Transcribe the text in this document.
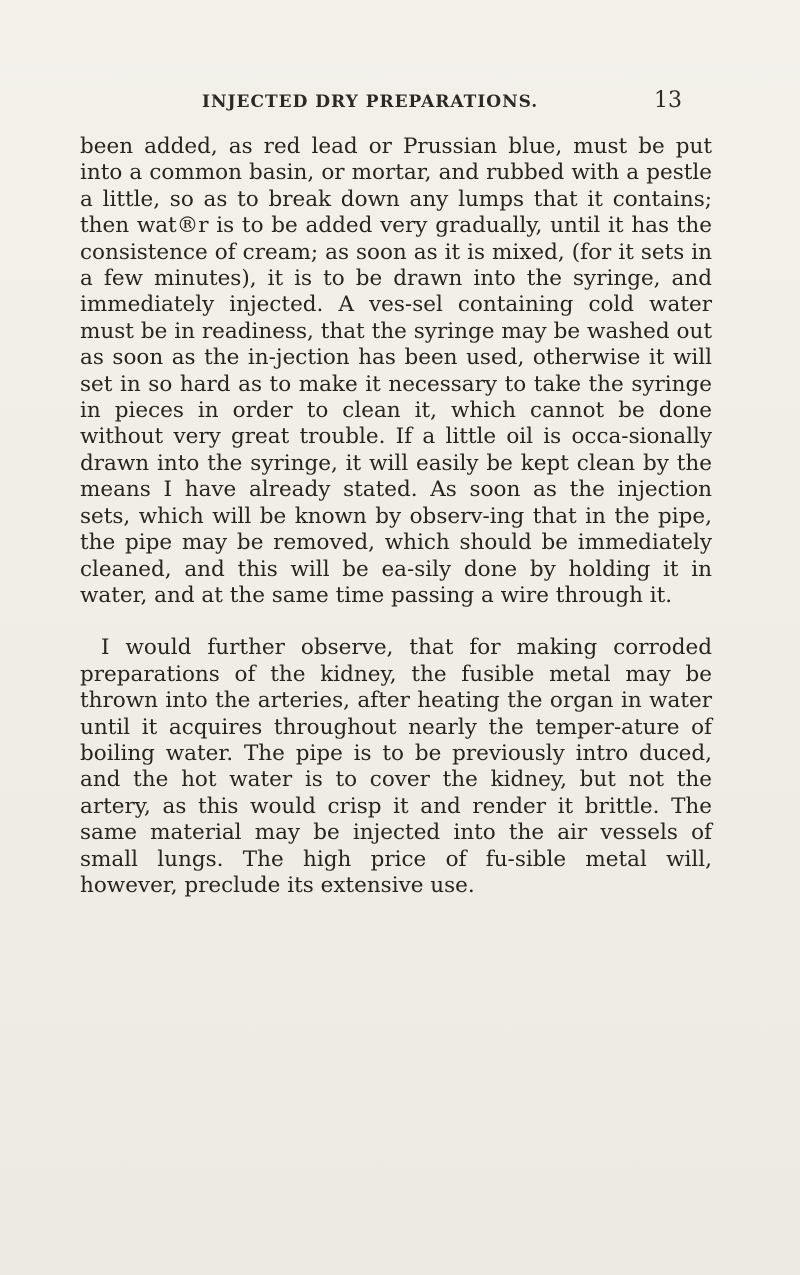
INJECTED DRY PREPARATIONS.	13

been added, as red lead or Prussian blue, must be put into a common basin, or mortar, and rubbed with a pestle a little, so as to break down any lumps that it contains; then wat®r is to be added very gradually, until it has the consistence of cream; as soon as it is mixed, (for it sets in a few minutes), it is to be drawn into the syringe, and immediately injected. A ves-sel containing cold water must be in readiness, that the syringe may be washed out as soon as the in-jection has been used, otherwise it will set in so hard as to make it necessary to take the syringe in pieces in order to clean it, which cannot be done without very great trouble. If a little oil is occa-sionally drawn into the syringe, it will easily be kept clean by the means I have already stated. As soon as the injection sets, which will be known by observ-ing that in the pipe, the pipe may be removed, which should be immediately cleaned, and this will be ea-sily done by holding it in water, and at the same time passing a wire through it.

I would further observe, that for making corroded preparations of the kidney, the fusible metal may be thrown into the arteries, after heating the organ in water until it acquires throughout nearly the temper-ature of boiling water. The pipe is to be previously intro duced, and the hot water is to cover the kidney, but not the artery, as this would crisp it and render it brittle. The same material may be injected into the air vessels of small lungs. The high price of fu-sible metal will, however, preclude its extensive use.
